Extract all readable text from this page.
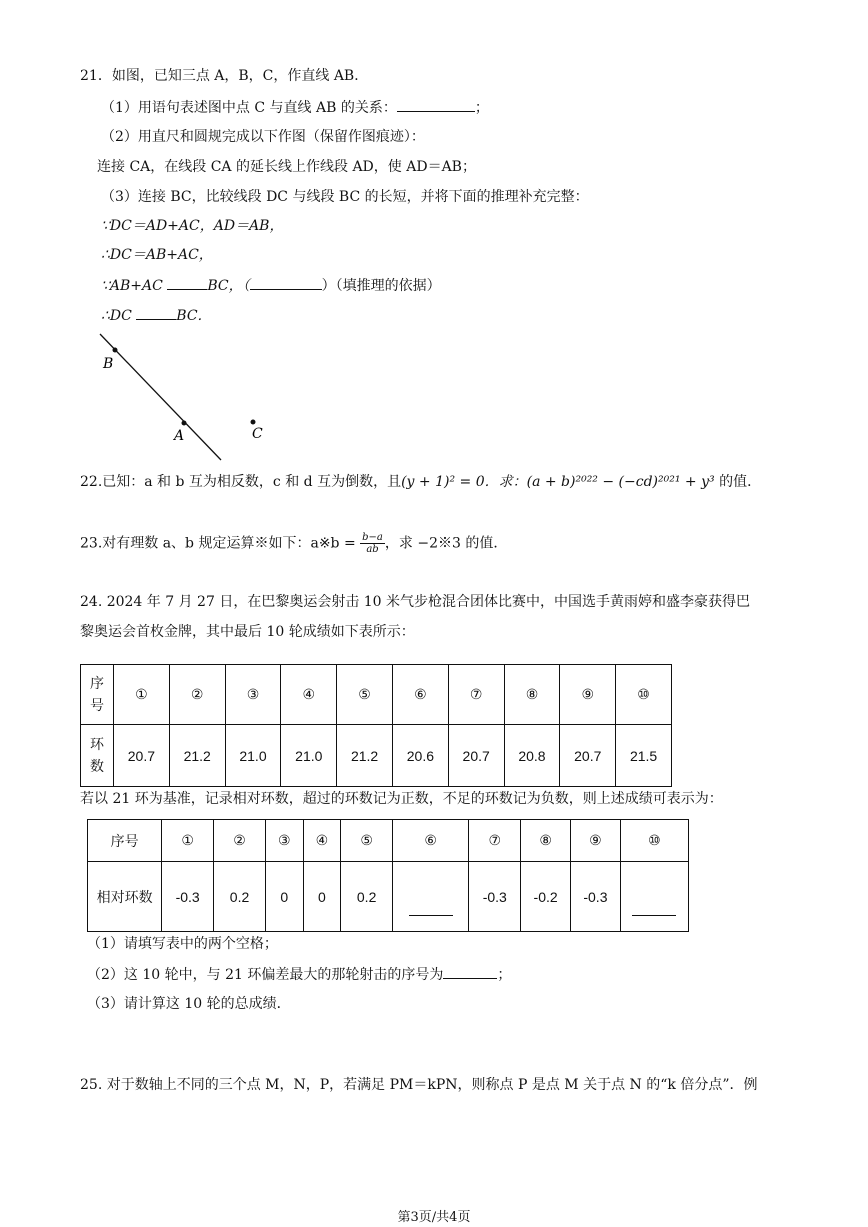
21．如图，已知三点 A，B，C，作直线 AB．
（1）用语句表述图中点 C 与直线 AB 的关系：	；
（2）用直尺和圆规完成以下作图（保留作图痕迹）：
连接 CA，在线段 CA 的延长线上作线段 AD，使 AD＝AB；
（3）连接 BC，比较线段 DC 与线段 BC 的长短，并将下面的推理补充完整：
∵DC＝AD+AC，AD＝AB，
∴DC＝AB+AC，
∵AB+AC	BC，（	）（填推理的依据）
∴DC	BC．
B
A	C
22.已知：a 和 b 互为相反数，c 和 d 互为倒数，且(y + 1)² = 0．求：(a + b)²⁰²² − (−cd)²⁰²¹ + y³ 的值．
23.对有理数 a、b 规定运算※如下：a※b = $\frac{b-a}{ab}$ ，求 −2※3 的值．
24. 2024 年 7 月 27 日，在巴黎奥运会射击 10 米气步枪混合团体比赛中，中国选手黄雨婷和盛李豪获得巴
黎奥运会首枚金牌，其中最后 10 轮成绩如下表所示：
序
号	①	②	③	④	⑤	⑥	⑦	⑧	⑨	⑩
环
数	20.7	21.2	21.0	21.0	21.2	20.6	20.7	20.8	20.7	21.5
若以 21 环为基准，记录相对环数，超过的环数记为正数，不足的环数记为负数，则上述成绩可表示为：
序号	①	②	③	④	⑤	⑥	⑦	⑧	⑨	⑩
相对环数	-0.3	0.2	0	0	0.2		-0.3	-0.2	-0.3	
（1）请填写表中的两个空格；
（2）这 10 轮中，与 21 环偏差最大的那轮射击的序号为	；
（3）请计算这 10 轮的总成绩．
25. 对于数轴上不同的三个点 M，N，P，若满足 PM＝kPN，则称点 P 是点 M 关于点 N 的“k 倍分点”．例
第3页/共4页
